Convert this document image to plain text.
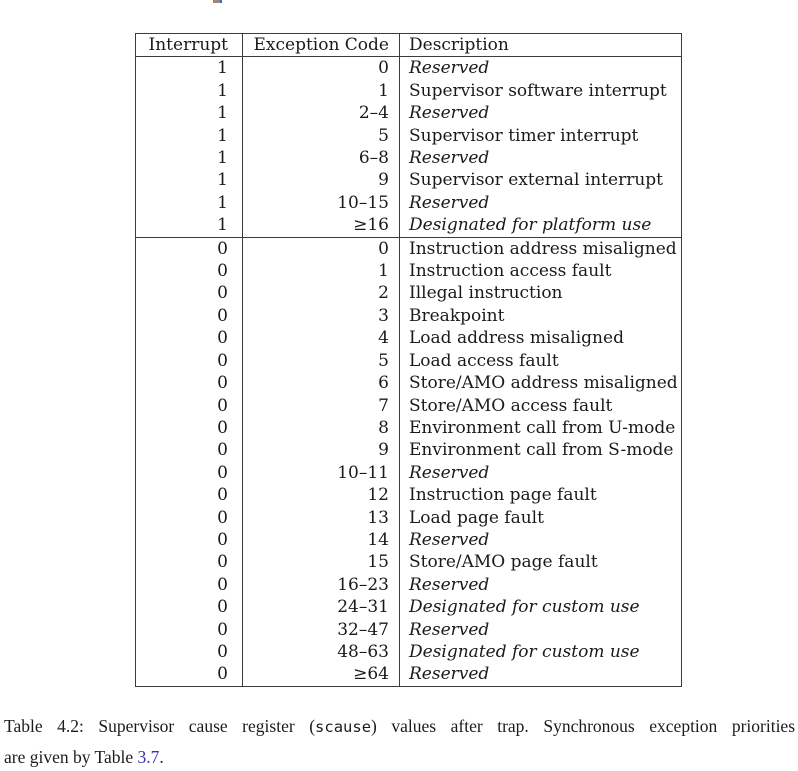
Interrupt	Exception Code	Description
1	0	Reserved
1	1	Supervisor software interrupt
1	2–4	Reserved
1	5	Supervisor timer interrupt
1	6–8	Reserved
1	9	Supervisor external interrupt
1	10–15	Reserved
1	≥16	Designated for platform use
0	0	Instruction address misaligned
0	1	Instruction access fault
0	2	Illegal instruction
0	3	Breakpoint
0	4	Load address misaligned
0	5	Load access fault
0	6	Store/AMO address misaligned
0	7	Store/AMO access fault
0	8	Environment call from U-mode
0	9	Environment call from S-mode
0	10–11	Reserved
0	12	Instruction page fault
0	13	Load page fault
0	14	Reserved
0	15	Store/AMO page fault
0	16–23	Reserved
0	24–31	Designated for custom use
0	32–47	Reserved
0	48–63	Designated for custom use
0	≥64	Reserved
Table 4.2: Supervisor cause register (scause) values after trap. Synchronous exception priorities
are given by Table 3.7.
